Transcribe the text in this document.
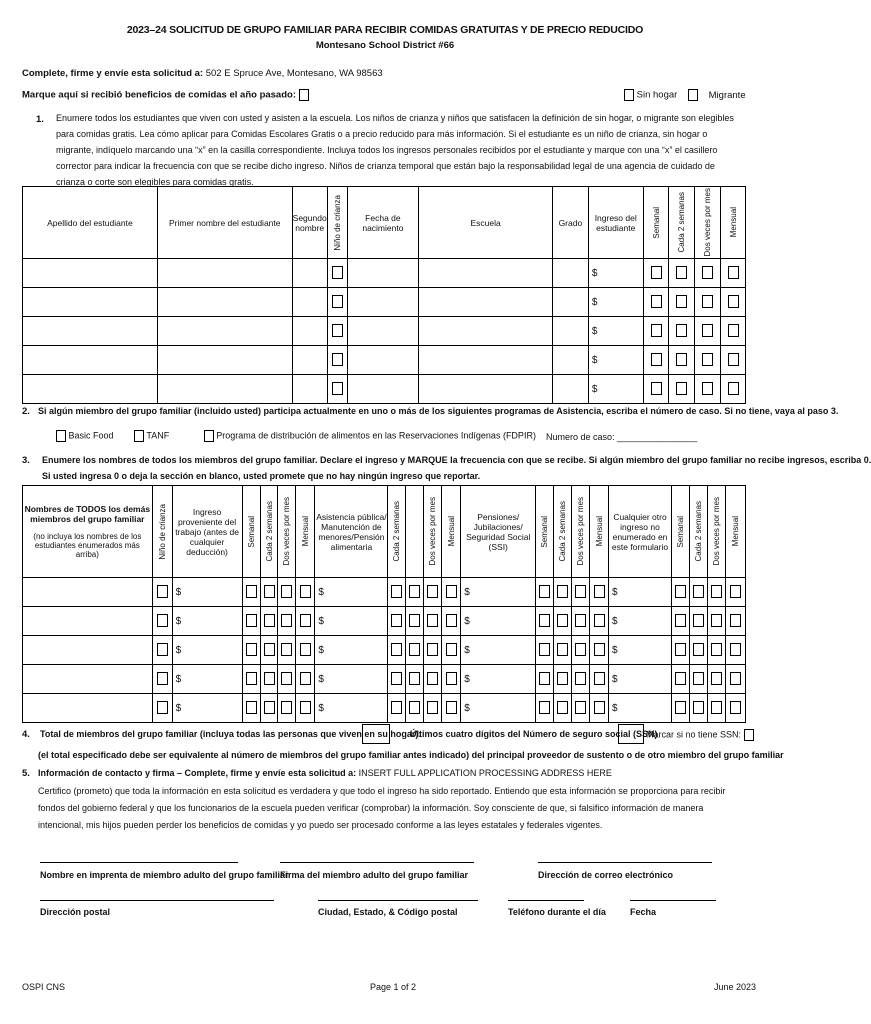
2023–24 SOLICITUD DE GRUPO FAMILIAR PARA RECIBIR COMIDAS GRATUITAS Y DE PRECIO REDUCIDO
Montesano School District #66
Complete, firme y envíe esta solicitud a: 502 E Spruce Ave, Montesano, WA 98563
Marque aquí si recibió beneficios de comidas el año pasado:	Sin hogar	Migrante
1. Enumere todos los estudiantes que viven con usted y asisten a la escuela. Los niños de crianza y niños que satisfacen la definición de sin hogar, o migrante son elegibles para comidas gratis. Lea cómo aplicar para Comidas Escolares Gratis o a precio reducido para más información. Si el estudiante es un niño de crianza, sin hogar o migrante, indíquelo marcando una “x” en la casilla correspondiente. Incluya todos los ingresos personales recibidos por el estudiante y marque con una “x” el casillero corrector para indicar la frecuencia con que se recibe dicho ingreso. Niños de crianza temporal que están bajo la responsabilidad legal de una agencia de cuidado de crianza o corte son elegibles para comidas gratis.
Apellido del estudiante	Primer nombre del estudiante	Segundo nombre	Niño de crianza	Fecha de nacimiento	Escuela	Grado	Ingreso del estudiante	Semanal	Cada 2 semanas	Dos veces por mes	Mensual

							$				
							$				
							$				
							$				
							$				
2. Si algún miembro del grupo familiar (incluido usted) participa actualmente en uno o más de los siguientes programas de Asistencia, escriba el número de caso. Si no tiene, vaya al paso 3.
Basic Food	TANF	Programa de distribución de alimentos en las Reservaciones Indígenas (FDPIR) Numero de caso: ________________
3. Enumere los nombres de todos los miembros del grupo familiar. Declare el ingreso y MARQUE la frecuencia con que se recibe. Si algún miembro del grupo familiar no recibe ingresos, escriba 0.
Si usted ingresa 0 o deja la sección en blanco, usted promete que no hay ningún ingreso que reportar.
Nombres de TODOS los demás miembros del grupo familiar
(no incluya los nombres de los estudiantes enumerados más arriba)	Niño de crianza	Ingreso proveniente del trabajo (antes de cualquier deducción)	Semanal	Cada 2 semanas	Dos veces por mes	Mensual	Asistencia pública/ Manutención de menores/Pensión alimentaria	Cada 2 semanas		Dos veces por mes	Mensual	Pensiones/ Jubilaciones/ Seguridad Social (SSI)	Semanal	Cada 2 semanas	Dos veces por mes	Mensual	Cualquier otro ingreso no enumerado en este formulario	Semanal	Cada 2 semanas	Dos veces por mes	Mensual

		$					$					$					$				
		$					$					$					$				
		$					$					$					$				
		$					$					$					$				
		$					$					$					$				
4. Total de miembros del grupo familiar (incluya todas las personas que viven en su hogar):
Últimos cuatro dígitos del Número de seguro social (SSN)
Marcar si no tiene SSN:
(el total especificado debe ser equivalente al número de miembros del grupo familiar antes indicado) del principal proveedor de sustento o de otro miembro del grupo familiar
5. Información de contacto y firma – Complete, firme y envíe esta solicitud a: INSERT FULL APPLICATION PROCESSING ADDRESS HERE
Certifico (prometo) que toda la información en esta solicitud es verdadera y que todo el ingreso ha sido reportado. Entiendo que esta información se proporciona para recibir fondos del gobierno federal y que los funcionarios de la escuela pueden verificar (comprobar) la información. Soy consciente de que, si falsifico información de manera intencional, mis hijos pueden perder los beneficios de comidas y yo puedo ser procesado conforme a las leyes estatales y federales vigentes.
Nombre en imprenta de miembro adulto del grupo familiar
Firma del miembro adulto del grupo familiar	Dirección de correo electrónico
Dirección postal	Ciudad, Estado, & Código postal	Teléfono durante el día	Fecha
OSPI CNS	Page 1 of 2	June 2023
